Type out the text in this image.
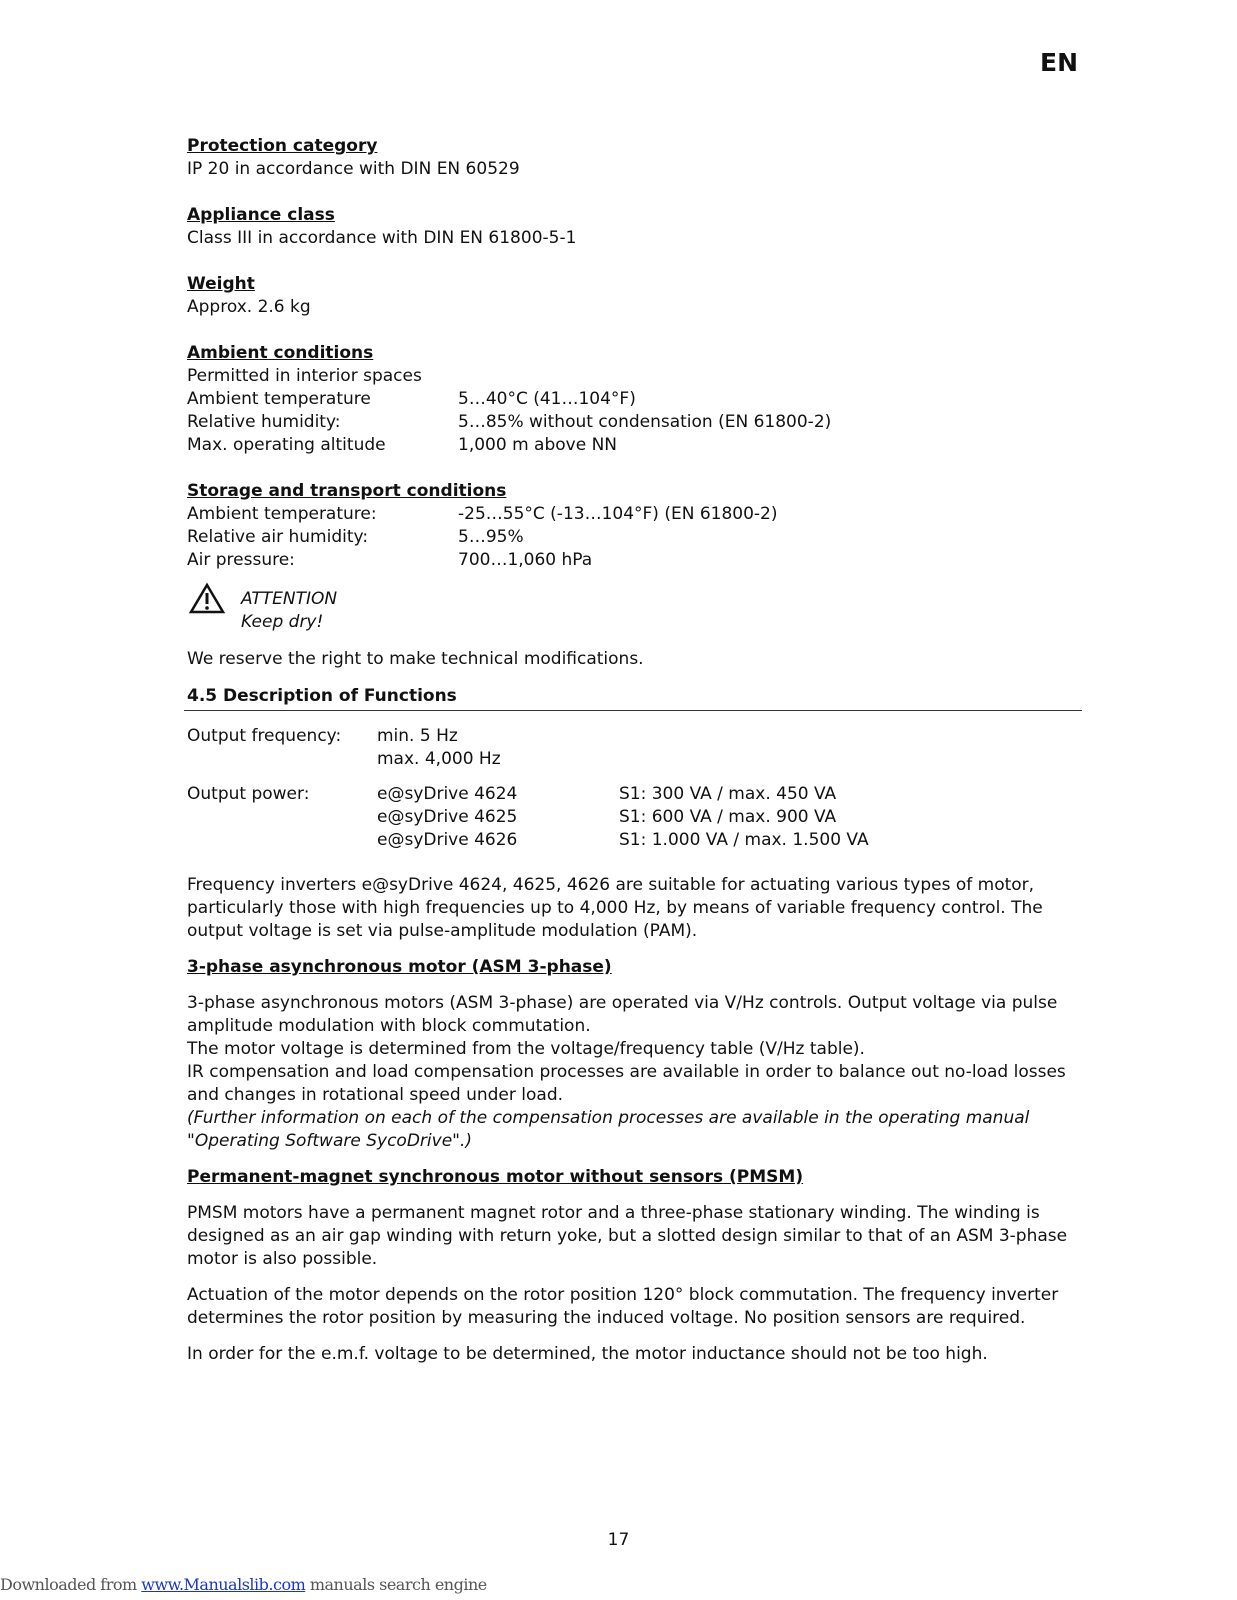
EN
Protection category
IP 20 in accordance with DIN EN 60529
Appliance class
Class III in accordance with DIN EN 61800-5-1
Weight
Approx. 2.6 kg
Ambient conditions
Permitted in interior spaces
Ambient temperature	5…40°C (41…104°F)
Relative humidity:	5…85% without condensation (EN 61800-2)
Max. operating altitude	1,000 m above NN
Storage and transport conditions
Ambient temperature:	-25…55°C (-13…104°F) (EN 61800-2)
Relative air humidity:	5…95%
Air pressure:	700…1,060 hPa
ATTENTION
Keep dry!
We reserve the right to make technical modifications.
4.5 Description of Functions
Output frequency:	min. 5 Hz
max. 4,000 Hz
Output power:	e@syDrive 4624	S1: 300 VA / max. 450 VA
e@syDrive 4625	S1: 600 VA / max. 900 VA
e@syDrive 4626	S1: 1.000 VA / max. 1.500 VA
Frequency inverters e@syDrive 4624, 4625, 4626 are suitable for actuating various types of motor, particularly those with high frequencies up to 4,000 Hz, by means of variable frequency control. The output voltage is set via pulse-amplitude modulation (PAM).
3-phase asynchronous motor (ASM 3-phase)
3-phase asynchronous motors (ASM 3-phase) are operated via V/Hz controls. Output voltage via pulse amplitude modulation with block commutation.
The motor voltage is determined from the voltage/frequency table (V/Hz table).
IR compensation and load compensation processes are available in order to balance out no-load losses and changes in rotational speed under load.
(Further information on each of the compensation processes are available in the operating manual "Operating Software SycoDrive".)
Permanent-magnet synchronous motor without sensors (PMSM)
PMSM motors have a permanent magnet rotor and a three-phase stationary winding. The winding is designed as an air gap winding with return yoke, but a slotted design similar to that of an ASM 3-phase motor is also possible.
Actuation of the motor depends on the rotor position 120° block commutation. The frequency inverter determines the rotor position by measuring the induced voltage. No position sensors are required.
In order for the e.m.f. voltage to be determined, the motor inductance should not be too high.
17
Downloaded from www.Manualslib.com manuals search engine
